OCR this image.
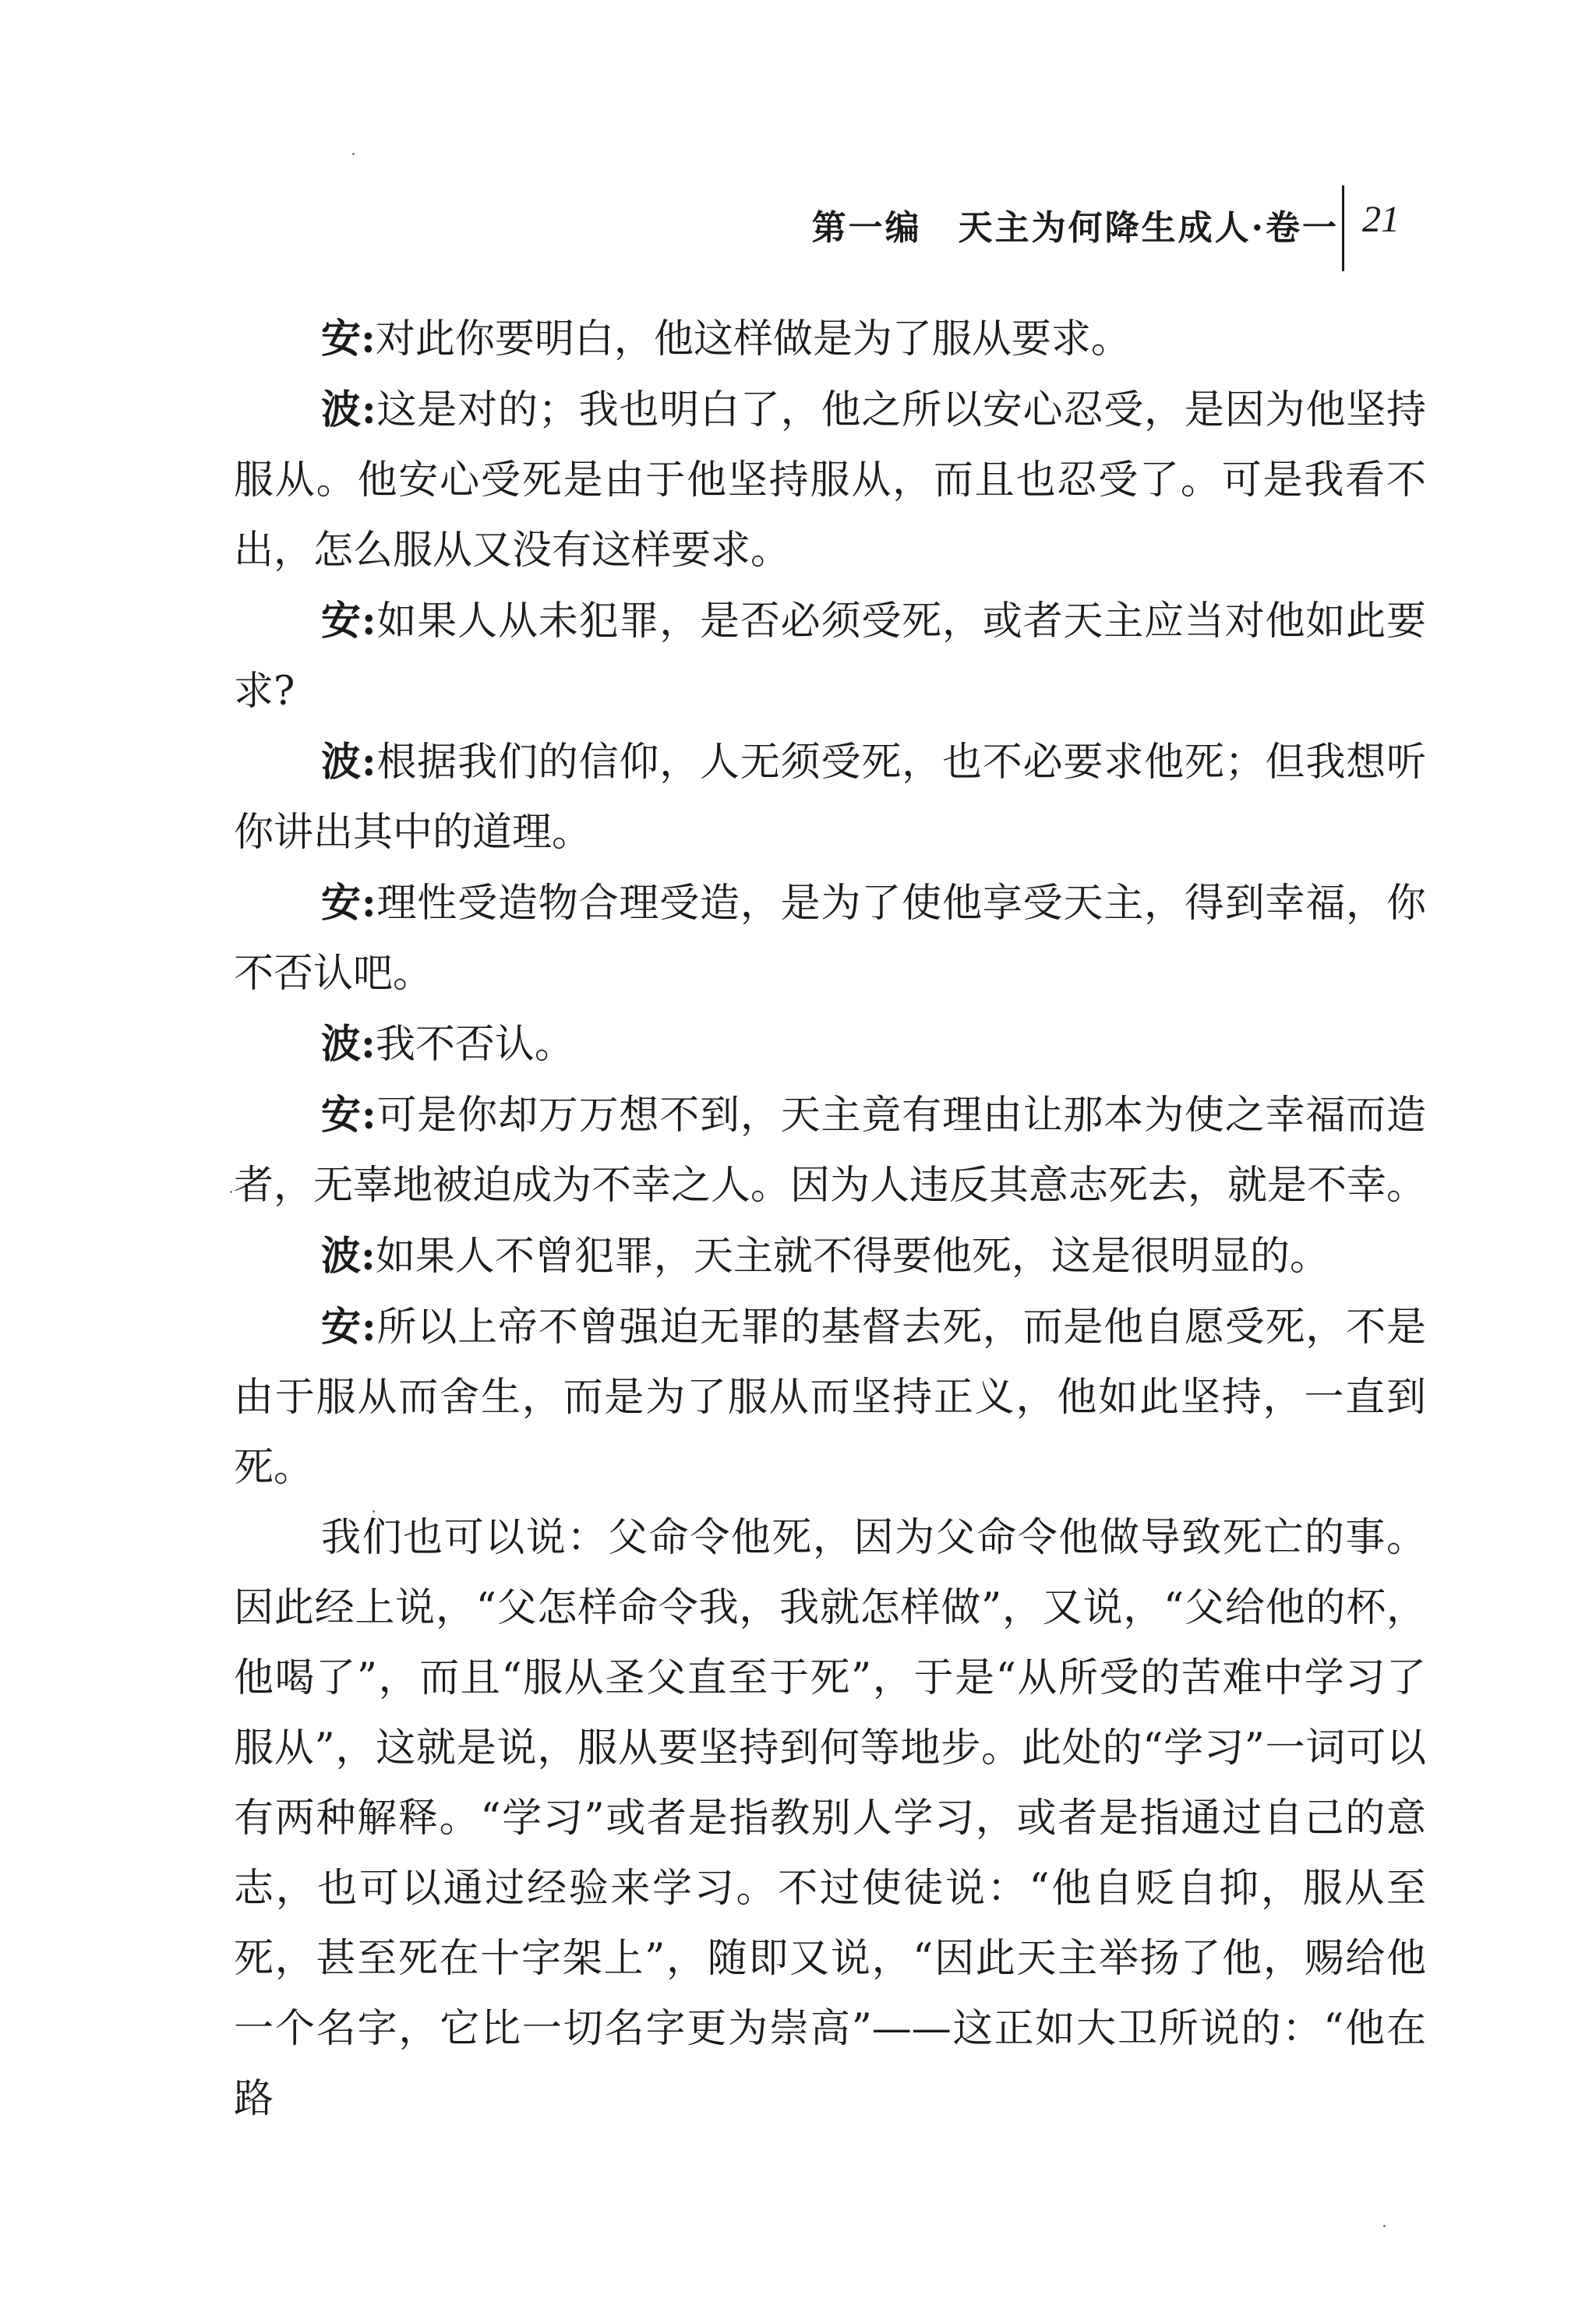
第一编　天主为何降生成人·卷一 21

安:对此你要明白，他这样做是为了服从要求。

波:这是对的；我也明白了，他之所以安心忍受，是因为他坚持服从。他安心受死是由于他坚持服从，而且也忍受了。可是我看不出，怎么服从又没有这样要求。

安:如果人从未犯罪，是否必须受死，或者天主应当对他如此要求?

波:根据我们的信仰，人无须受死，也不必要求他死；但我想听你讲出其中的道理。

安:理性受造物合理受造，是为了使他享受天主，得到幸福，你不否认吧。

波:我不否认。

安:可是你却万万想不到，天主竟有理由让那本为使之幸福而造者，无辜地被迫成为不幸之人。因为人违反其意志死去，就是不幸。

波:如果人不曾犯罪，天主就不得要他死，这是很明显的。

安:所以上帝不曾强迫无罪的基督去死，而是他自愿受死，不是由于服从而舍生，而是为了服从而坚持正义，他如此坚持，一直到死。

我们也可以说：父命令他死，因为父命令他做导致死亡的事。因此经上说，“父怎样命令我，我就怎样做”，又说，“父给他的杯，他喝了”，而且“服从圣父直至于死”，于是“从所受的苦难中学习了服从”，这就是说，服从要坚持到何等地步。此处的“学习”一词可以有两种解释。“学习”或者是指教别人学习，或者是指通过自己的意志，也可以通过经验来学习。不过使徒说：“他自贬自抑，服从至死，甚至死在十字架上”，随即又说，“因此天主举扬了他，赐给他一个名字，它比一切名字更为崇高”——这正如大卫所说的：“他在路
